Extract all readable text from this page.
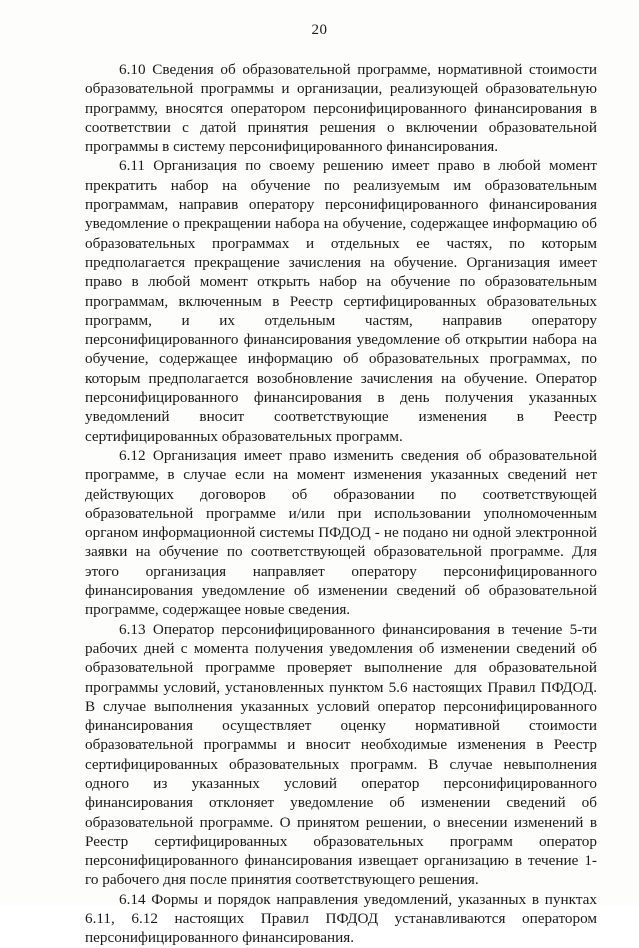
20

6.10 Сведения об образовательной программе, нормативной стоимости образовательной программы и организации, реализующей образовательную программу, вносятся оператором персонифицированного финансирования в соответствии с датой принятия решения о включении образовательной программы в систему персонифицированного финансирования.

6.11 Организация по своему решению имеет право в любой момент прекратить набор на обучение по реализуемым им образовательным программам, направив оператору персонифицированного финансирования уведомление о прекращении набора на обучение, содержащее информацию об образовательных программах и отдельных ее частях, по которым предполагается прекращение зачисления на обучение. Организация имеет право в любой момент открыть набор на обучение по образовательным программам, включенным в Реестр сертифицированных образовательных программ, и их отдельным частям, направив оператору персонифицированного финансирования уведомление об открытии набора на обучение, содержащее информацию об образовательных программах, по которым предполагается возобновление зачисления на обучение. Оператор персонифицированного финансирования в день получения указанных уведомлений вносит соответствующие изменения в Реестр сертифицированных образовательных программ.

6.12 Организация имеет право изменить сведения об образовательной программе, в случае если на момент изменения указанных сведений нет действующих договоров об образовании по соответствующей образовательной программе и/или при использовании уполномоченным органом информационной системы ПФДОД - не подано ни одной электронной заявки на обучение по соответствующей образовательной программе. Для этого организация направляет оператору персонифицированного финансирования уведомление об изменении сведений об образовательной программе, содержащее новые сведения.

6.13 Оператор персонифицированного финансирования в течение 5-ти рабочих дней с момента получения уведомления об изменении сведений об образовательной программе проверяет выполнение для образовательной программы условий, установленных пунктом 5.6 настоящих Правил ПФДОД. В случае выполнения указанных условий оператор персонифицированного финансирования осуществляет оценку нормативной стоимости образовательной программы и вносит необходимые изменения в Реестр сертифицированных образовательных программ. В случае невыполнения одного из указанных условий оператор персонифицированного финансирования отклоняет уведомление об изменении сведений об образовательной программе. О принятом решении, о внесении изменений в Реестр сертифицированных образовательных программ оператор персонифицированного финансирования извещает организацию в течение 1-го рабочего дня после принятия соответствующего решения.

6.14 Формы и порядок направления уведомлений, указанных в пунктах 6.11, 6.12 настоящих Правил ПФДОД устанавливаются оператором персонифицированного финансирования.
